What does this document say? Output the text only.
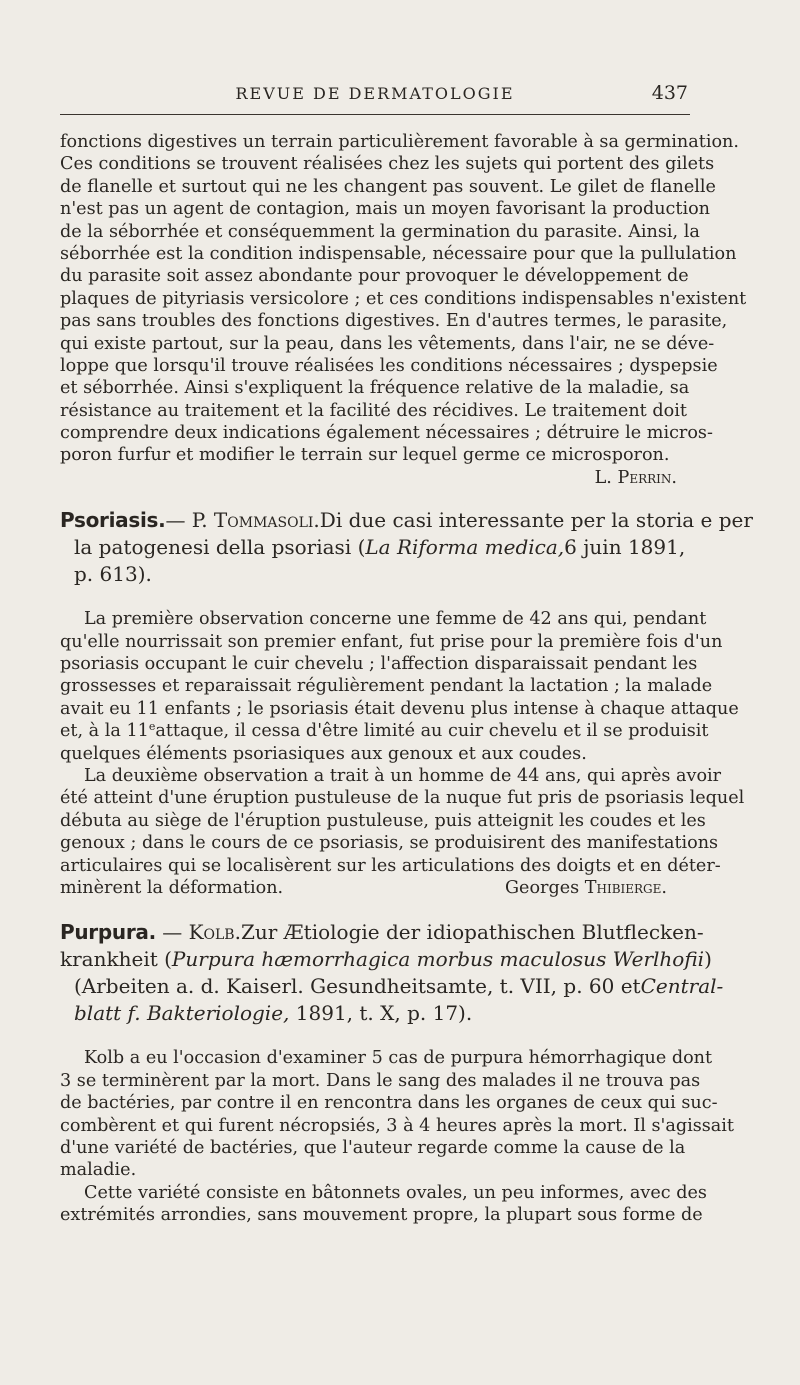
REVUE DE DERMATOLOGIE	437
fonctions digestives un terrain particulièrement favorable à sa germination.
Ces conditions se trouvent réalisées chez les sujets qui portent des gilets
de flanelle et surtout qui ne les changent pas souvent. Le gilet de flanelle
n'est pas un agent de contagion, mais un moyen favorisant la production
de la séborrhée et conséquemment la germination du parasite. Ainsi, la
séborrhée est la condition indispensable, nécessaire pour que la pullulation
du parasite soit assez abondante pour provoquer le développement de
plaques de pityriasis versicolore ; et ces conditions indispensables n'existent
pas sans troubles des fonctions digestives. En d'autres termes, le parasite,
qui existe partout, sur la peau, dans les vêtements, dans l'air, ne se déve-
loppe que lorsqu'il trouve réalisées les conditions nécessaires ; dyspepsie
et séborrhée. Ainsi s'expliquent la fréquence relative de la maladie, sa
résistance au traitement et la facilité des récidives. Le traitement doit
comprendre deux indications également nécessaires ; détruire le micros-
poron furfur et modifier le terrain sur lequel germe ce microsporon.
L. Perrin.
Psoriasis.— P. Tommasoli. Di due casi interessante per la storia e per
la patogenesi della psoriasi (La Riforma medica, 6 juin 1891,
p. 613).
La première observation concerne une femme de 42 ans qui, pendant
qu'elle nourrissait son premier enfant, fut prise pour la première fois d'un
psoriasis occupant le cuir chevelu ; l'affection disparaissait pendant les
grossesses et reparaissait régulièrement pendant la lactation ; la malade
avait eu 11 enfants ; le psoriasis était devenu plus intense à chaque attaque
et, à la 11e attaque, il cessa d'être limité au cuir chevelu et il se produisit
quelques éléments psoriasiques aux genoux et aux coudes.
La deuxième observation a trait à un homme de 44 ans, qui après avoir
été atteint d'une éruption pustuleuse de la nuque fut pris de psoriasis lequel
débuta au siège de l'éruption pustuleuse, puis atteignit les coudes et les
genoux ; dans le cours de ce psoriasis, se produisirent des manifestations
articulaires qui se localisèrent sur les articulations des doigts et en déter-
minèrent la déformation.	Georges Thibierge.
Purpura. — Kolb. Zur Ætiologie der idiopathischen Blutflecken-
krankheit (Purpura hæmorrhagica morbus maculosus Werlhofii)
(Arbeiten a. d. Kaiserl. Gesundheitsamte, t. VII, p. 60 et Central-
blatt f. Bakteriologie,
1891, t. X, p. 17).
Kolb a eu l'occasion d'examiner 5 cas de purpura hémorrhagique dont
3 se terminèrent par la mort. Dans le sang des malades il ne trouva pas
de bactéries, par contre il en rencontra dans les organes de ceux qui suc-
combèrent et qui furent nécropsiés, 3 à 4 heures après la mort. Il s'agissait
d'une variété de bactéries, que l'auteur regarde comme la cause de la
maladie.
Cette variété consiste en bâtonnets ovales, un peu informes, avec des
extrémités arrondies, sans mouvement propre, la plupart sous forme de
